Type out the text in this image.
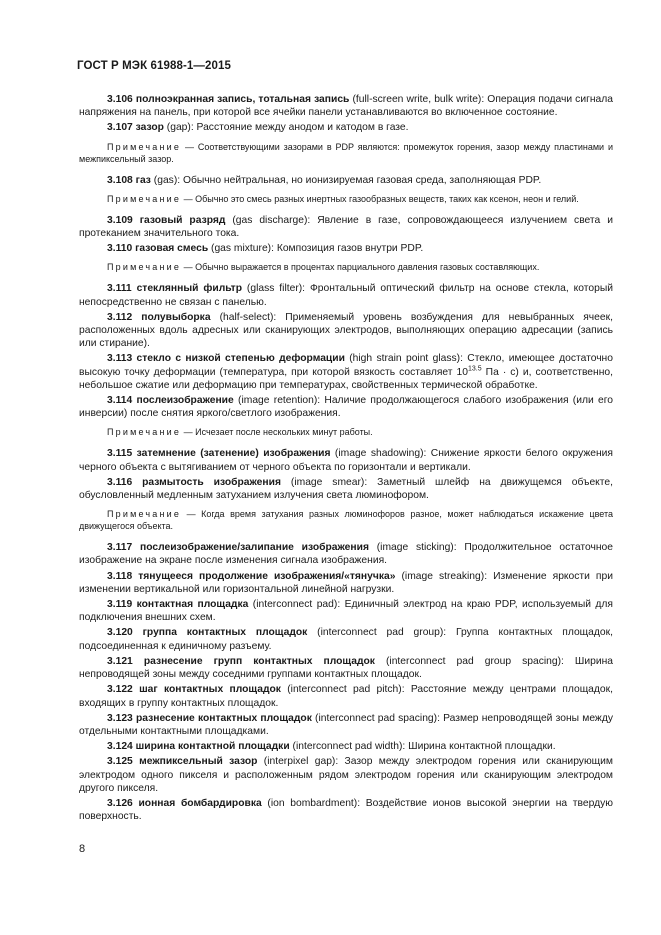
ГОСТ Р МЭК 61988-1—2015

3.106 полноэкранная запись, тотальная запись (full-screen write, bulk write): Операция подачи сигнала напряжения на панель, при которой все ячейки панели устанавливаются во включенное состояние.

3.107 зазор (gap): Расстояние между анодом и катодом в газе.

Примечание — Соответствующими зазорами в PDP являются: промежуток горения, зазор между пластинами и межпиксельный зазор.

3.108 газ (gas): Обычно нейтральная, но ионизируемая газовая среда, заполняющая PDP.

Примечание — Обычно это смесь разных инертных газообразных веществ, таких как ксенон, неон и гелий.

3.109 газовый разряд (gas discharge): Явление в газе, сопровождающееся излучением света и протеканием значительного тока.

3.110 газовая смесь (gas mixture): Композиция газов внутри PDP.

Примечание — Обычно выражается в процентах парциального давления газовых составляющих.

3.111 стеклянный фильтр (glass filter): Фронтальный оптический фильтр на основе стекла, который непосредственно не связан с панелью.

3.112 полувыборка (half-select): Применяемый уровень возбуждения для невыбранных ячеек, расположенных вдоль адресных или сканирующих электродов, выполняющих операцию адресации (запись или стирание).

3.113 стекло с низкой степенью деформации (high strain point glass): Стекло, имеющее достаточно высокую точку деформации (температура, при которой вязкость составляет $10^{13.5}$ Па · с) и, соответственно, небольшое сжатие или деформацию при температурах, свойственных термической обработке.

3.114 послеизображение (image retention): Наличие продолжающегося слабого изображения (или его инверсии) после снятия яркого/светлого изображения.

Примечание — Исчезает после нескольких минут работы.

3.115 затемнение (затенение) изображения (image shadowing): Снижение яркости белого окружения черного объекта с вытягиванием от черного объекта по горизонтали и вертикали.

3.116 размытость изображения (image smear): Заметный шлейф на движущемся объекте, обусловленный медленным затуханием излучения света люминофором.

Примечание — Когда время затухания разных люминофоров разное, может наблюдаться искажение цвета движущегося объекта.

3.117 послеизображение/залипание изображения (image sticking): Продолжительное остаточное изображение на экране после изменения сигнала изображения.

3.118 тянущееся продолжение изображения/«тянучка» (image streaking): Изменение яркости при изменении вертикальной или горизонтальной линейной нагрузки.

3.119 контактная площадка (interconnect pad): Единичный электрод на краю PDP, используемый для подключения внешних схем.

3.120 группа контактных площадок (interconnect pad group): Группа контактных площадок, подсоединенная к единичному разъему.

3.121 разнесение групп контактных площадок (interconnect pad group spacing): Ширина непроводящей зоны между соседними группами контактных площадок.

3.122 шаг контактных площадок (interconnect pad pitch): Расстояние между центрами площадок, входящих в группу контактных площадок.

3.123 разнесение контактных площадок (interconnect pad spacing): Размер непроводящей зоны между отдельными контактными площадками.

3.124 ширина контактной площадки (interconnect pad width): Ширина контактной площадки.

3.125 межпиксельный зазор (interpixel gap): Зазор между электродом горения или сканирующим электродом одного пикселя и расположенным рядом электродом горения или сканирующим электродом другого пикселя.

3.126 ионная бомбардировка (ion bombardment): Воздействие ионов высокой энергии на твердую поверхность.

8
